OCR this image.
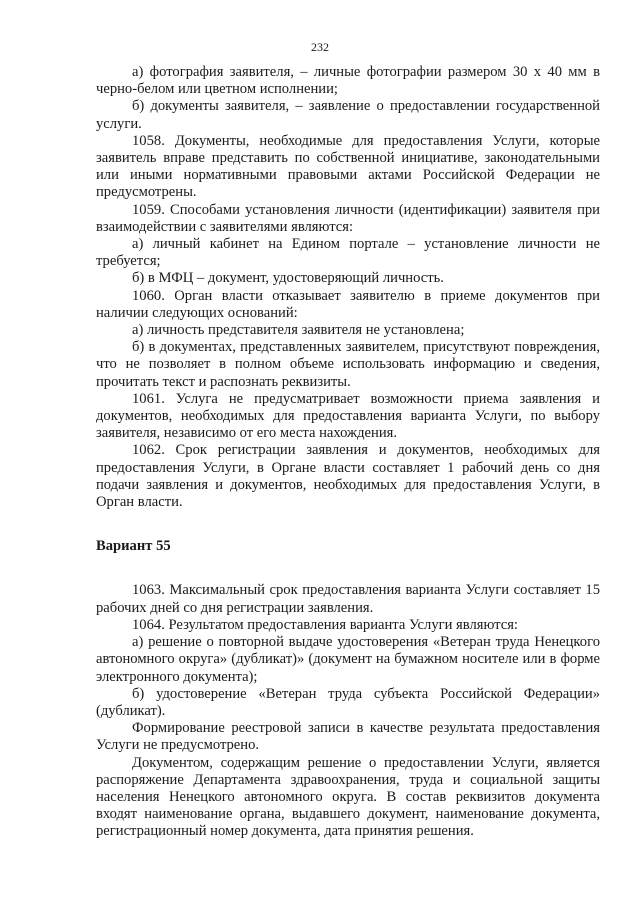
232

а) фотография заявителя, – личные фотографии размером 30 х 40 мм в черно-белом или цветном исполнении;

б) документы заявителя, – заявление о предоставлении государственной услуги.

1058. Документы, необходимые для предоставления Услуги, которые заявитель вправе представить по собственной инициативе, законодательными или иными нормативными правовыми актами Российской Федерации не предусмотрены.

1059. Способами установления личности (идентификации) заявителя при взаимодействии с заявителями являются:

а) личный кабинет на Едином портале – установление личности не требуется;

б) в МФЦ – документ, удостоверяющий личность.

1060. Орган власти отказывает заявителю в приеме документов при наличии следующих оснований:

а) личность представителя заявителя не установлена;

б) в документах, представленных заявителем, присутствуют повреждения, что не позволяет в полном объеме использовать информацию и сведения, прочитать текст и распознать реквизиты.

1061. Услуга не предусматривает возможности приема заявления и документов, необходимых для предоставления варианта Услуги, по выбору заявителя, независимо от его места нахождения.

1062. Срок регистрации заявления и документов, необходимых для предоставления Услуги, в Органе власти составляет 1 рабочий день со дня подачи заявления и документов, необходимых для предоставления Услуги, в Орган власти.

Вариант 55

1063. Максимальный срок предоставления варианта Услуги составляет 15 рабочих дней со дня регистрации заявления.

1064. Результатом предоставления варианта Услуги являются:

а) решение о повторной выдаче удостоверения «Ветеран труда Ненецкого автономного округа» (дубликат)» (документ на бумажном носителе или в форме электронного документа);

б) удостоверение «Ветеран труда субъекта Российской Федерации» (дубликат).

Формирование реестровой записи в качестве результата предоставления Услуги не предусмотрено.

Документом, содержащим решение о предоставлении Услуги, является распоряжение Департамента здравоохранения, труда и социальной защиты населения Ненецкого автономного округа. В состав реквизитов документа входят наименование органа, выдавшего документ, наименование документа, регистрационный номер документа, дата принятия решения.
